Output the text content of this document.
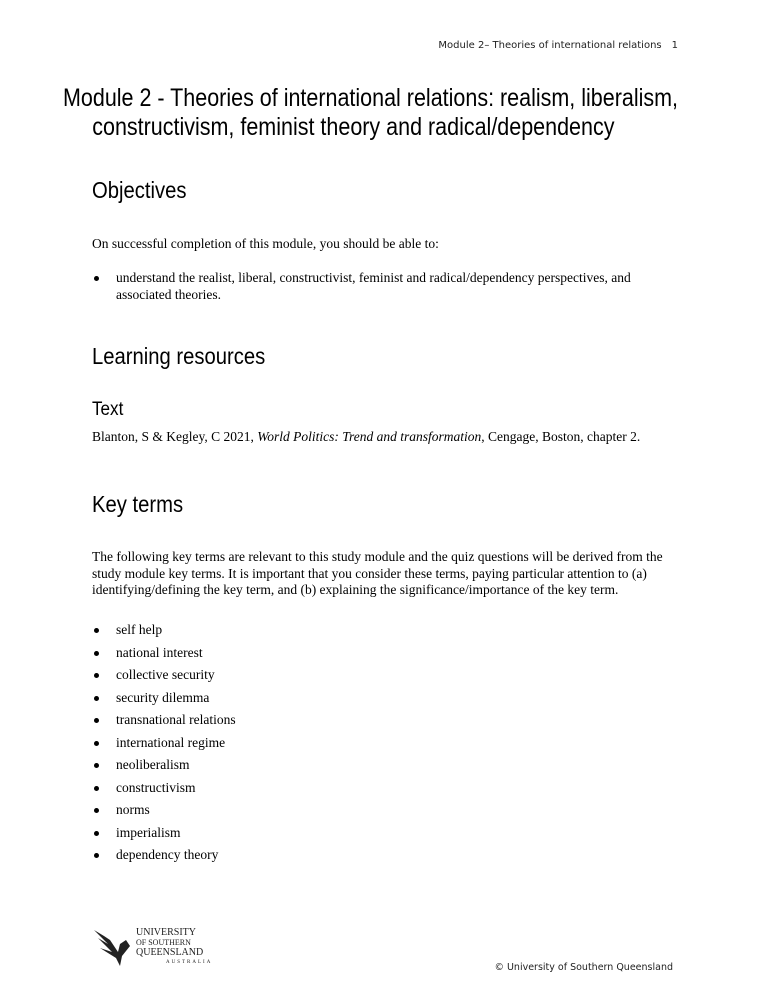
Module 2– Theories of international relations 1
Module 2 - Theories of international relations: realism, liberalism,
constructivism, feminist theory and radical/dependency
Objectives
On successful completion of this module, you should be able to:
understand the realist, liberal, constructivist, feminist and radical/dependency perspectives, and associated theories.
Learning resources
Text
Blanton, S & Kegley, C 2021, World Politics: Trend and transformation, Cengage, Boston, chapter 2.
Key terms
The following key terms are relevant to this study module and the quiz questions will be derived from the study module key terms. It is important that you consider these terms, paying particular attention to (a) identifying/defining the key term, and (b) explaining the significance/importance of the key term.
self help
national interest
collective security
security dilemma
transnational relations
international regime
neoliberalism
constructivism
norms
imperialism
dependency theory
UNIVERSITY
OF SOUTHERN
QUEENSLAND
AUSTRALIA	© University of Southern Queensland
